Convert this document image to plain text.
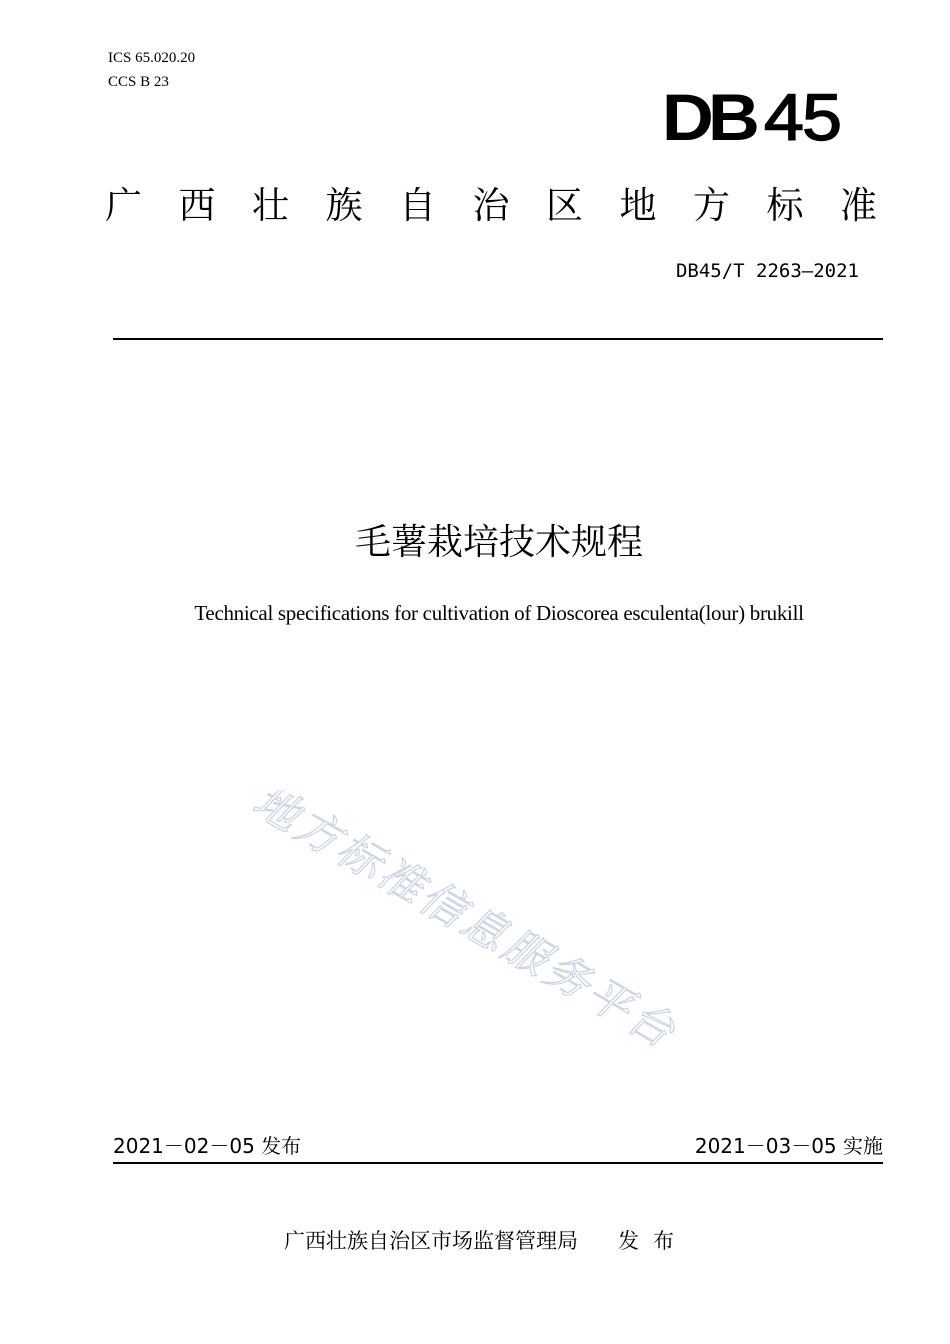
ICS 65.020.20
CCS B 23	DB 45
广 西 壮 族 自 治 区 地 方 标 准
DB45/T 2263—2021
毛薯栽培技术规程
Technical specifications for cultivation of Dioscorea esculenta(lour) brukill
地方标准信息服务平台
2021－02－05 发布	2021－03－05 实施
广西壮族自治区市场监督管理局 发布
